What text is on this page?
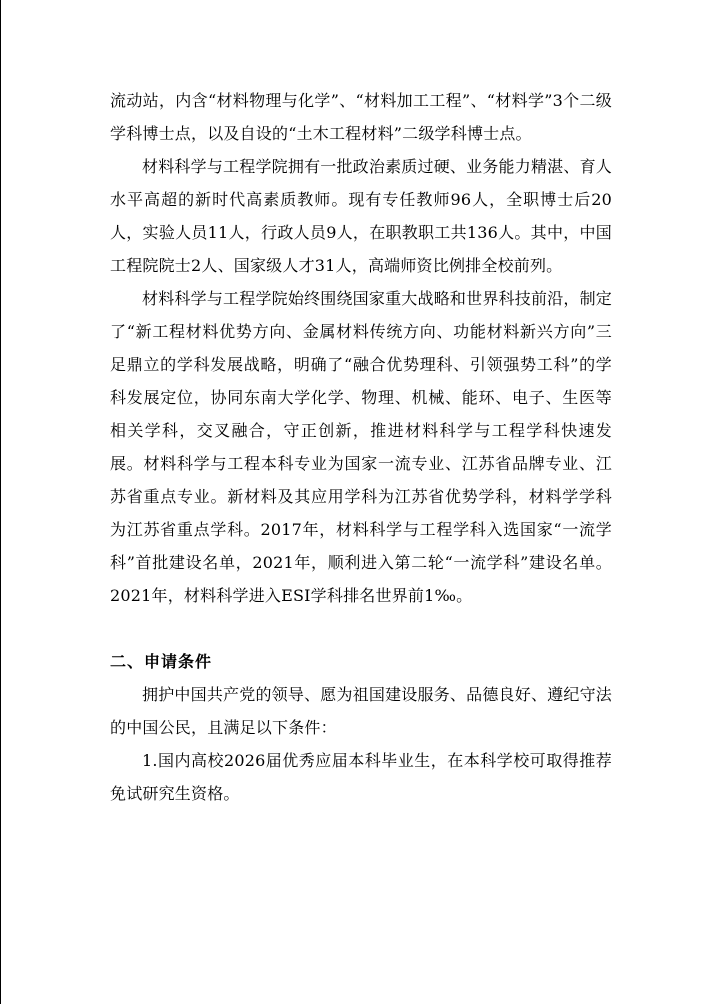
流动站，内含“材料物理与化学”、“材料加工工程”、“材料学”3个二级学科博士点，以及自设的“土木工程材料”二级学科博士点。

材料科学与工程学院拥有一批政治素质过硬、业务能力精湛、育人水平高超的新时代高素质教师。现有专任教师96人，全职博士后20人，实验人员11人，行政人员9人，在职教职工共136人。其中，中国工程院院士2人、国家级人才31人，高端师资比例排全校前列。

材料科学与工程学院始终围绕国家重大战略和世界科技前沿，制定了“新工程材料优势方向、金属材料传统方向、功能材料新兴方向”三足鼎立的学科发展战略，明确了“融合优势理科、引领强势工科”的学科发展定位，协同东南大学化学、物理、机械、能环、电子、生医等相关学科，交叉融合，守正创新，推进材料科学与工程学科快速发展。材料科学与工程本科专业为国家一流专业、江苏省品牌专业、江苏省重点专业。新材料及其应用学科为江苏省优势学科，材料学学科为江苏省重点学科。2017年，材料科学与工程学科入选国家“一流学科”首批建设名单，2021年，顺利进入第二轮“一流学科”建设名单。2021年，材料科学进入ESI学科排名世界前1‰。

二、申请条件

拥护中国共产党的领导、愿为祖国建设服务、品德良好、遵纪守法的中国公民，且满足以下条件：

1.国内高校2026届优秀应届本科毕业生，在本科学校可取得推荐免试研究生资格。
